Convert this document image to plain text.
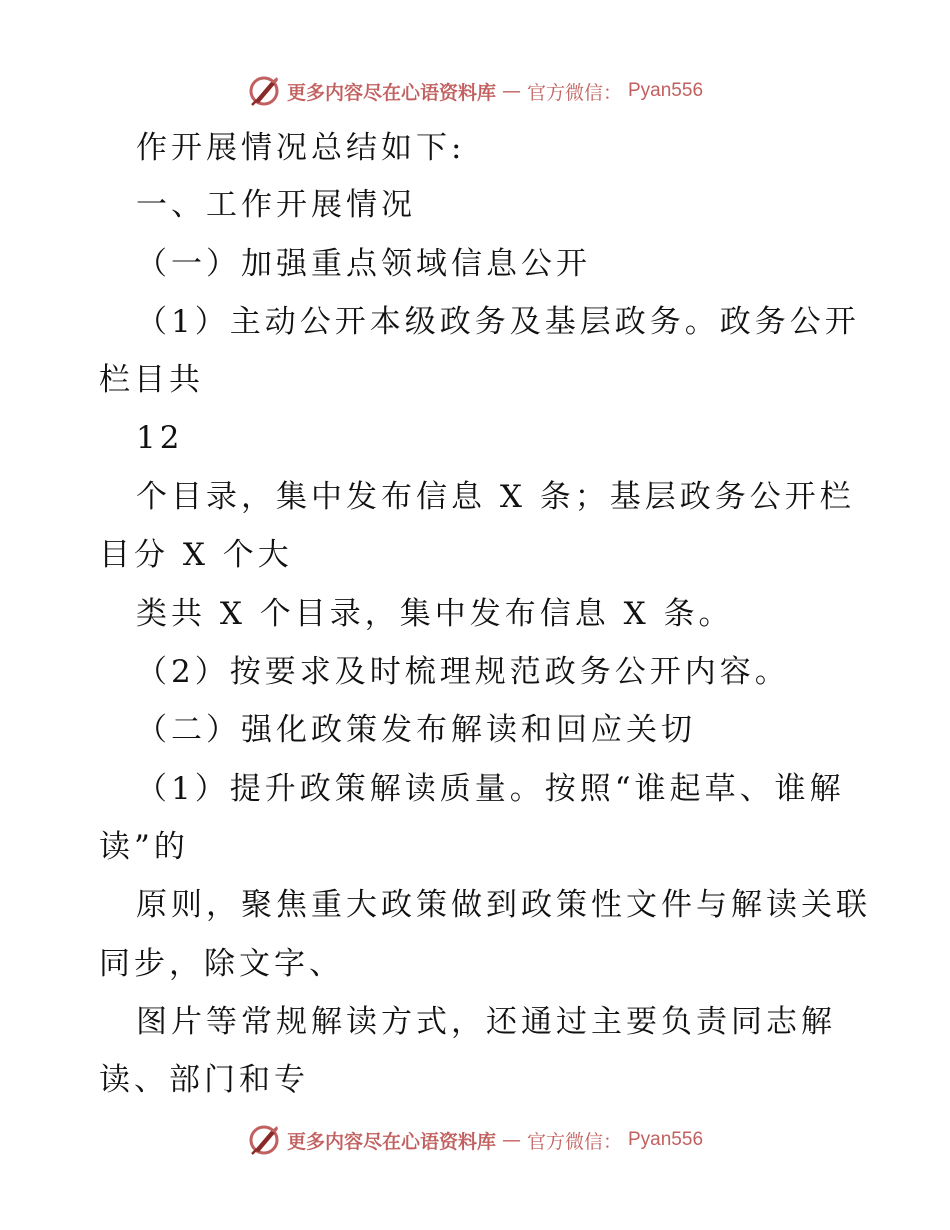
更多内容尽在心语资料库 — 官方微信： Pyan556
作开展情况总结如下:
一、工作开展情况
（一）加强重点领域信息公开
（1）主动公开本级政务及基层政务。政务公开
栏目共
12
个目录，集中发布信息 X 条；基层政务公开栏
目分 X 个大
类共 X 个目录，集中发布信息 X 条。
（2）按要求及时梳理规范政务公开内容。
（二）强化政策发布解读和回应关切
（1）提升政策解读质量。按照“谁起草、谁解
读”的
原则，聚焦重大政策做到政策性文件与解读关联
同步，除文字、
图片等常规解读方式，还通过主要负责同志解
读、部门和专
更多内容尽在心语资料库 — 官方微信： Pyan556
